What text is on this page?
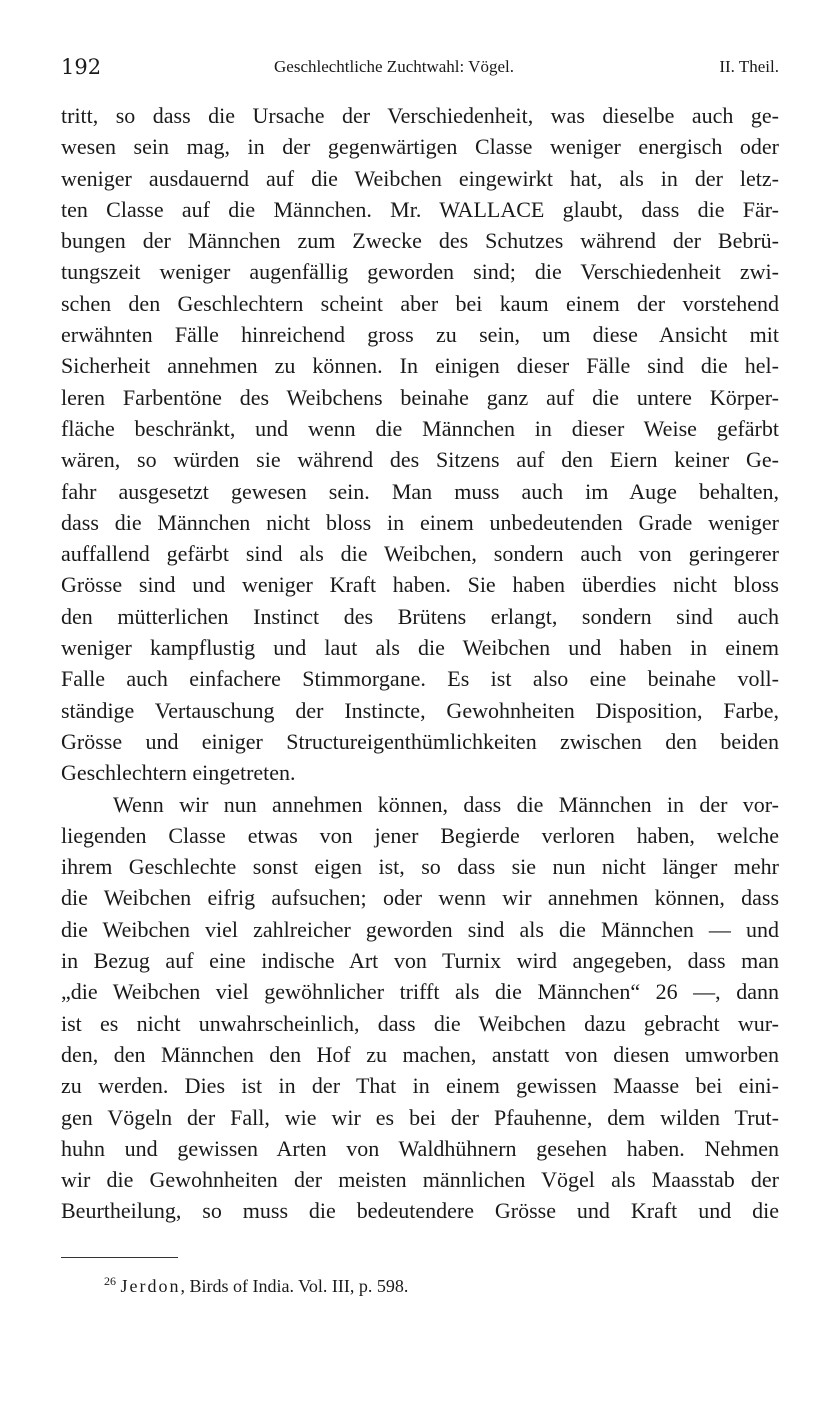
192	Geschlechtliche Zuchtwahl: Vögel.	II. Theil.
tritt, so dass die Ursache der Verschiedenheit, was dieselbe auch ge-
wesen sein mag, in der gegenwärtigen Classe weniger energisch oder
weniger ausdauernd auf die Weibchen eingewirkt hat, als in der letz-
ten Classe auf die Männchen. Mr. WALLACE glaubt, dass die Fär-
bungen der Männchen zum Zwecke des Schutzes während der Bebrü-
tungszeit weniger augenfällig geworden sind; die Verschiedenheit zwi-
schen den Geschlechtern scheint aber bei kaum einem der vorstehend
erwähnten Fälle hinreichend gross zu sein, um diese Ansicht mit
Sicherheit annehmen zu können. In einigen dieser Fälle sind die hel-
leren Farbentöne des Weibchens beinahe ganz auf die untere Körper-
fläche beschränkt, und wenn die Männchen in dieser Weise gefärbt
wären, so würden sie während des Sitzens auf den Eiern keiner Ge-
fahr ausgesetzt gewesen sein. Man muss auch im Auge behalten,
dass die Männchen nicht bloss in einem unbedeutenden Grade weniger
auffallend gefärbt sind als die Weibchen, sondern auch von geringerer
Grösse sind und weniger Kraft haben. Sie haben überdies nicht bloss
den mütterlichen Instinct des Brütens erlangt, sondern sind auch
weniger kampflustig und laut als die Weibchen und haben in einem
Falle auch einfachere Stimmorgane. Es ist also eine beinahe voll-
ständige Vertauschung der Instincte, Gewohnheiten Disposition, Farbe,
Grösse und einiger Structureigenthümlichkeiten zwischen den beiden
Geschlechtern eingetreten.
Wenn wir nun annehmen können, dass die Männchen in der vor-
liegenden Classe etwas von jener Begierde verloren haben, welche
ihrem Geschlechte sonst eigen ist, so dass sie nun nicht länger mehr
die Weibchen eifrig aufsuchen; oder wenn wir annehmen können, dass
die Weibchen viel zahlreicher geworden sind als die Männchen — und
in Bezug auf eine indische Art von Turnix wird angegeben, dass man
„die Weibchen viel gewöhnlicher trifft als die Männchen“ 26 —, dann
ist es nicht unwahrscheinlich, dass die Weibchen dazu gebracht wur-
den, den Männchen den Hof zu machen, anstatt von diesen umworben
zu werden. Dies ist in der That in einem gewissen Maasse bei eini-
gen Vögeln der Fall, wie wir es bei der Pfauhenne, dem wilden Trut-
huhn und gewissen Arten von Waldhühnern gesehen haben. Nehmen
wir die Gewohnheiten der meisten männlichen Vögel als Maasstab der
Beurtheilung, so muss die bedeutendere Grösse und Kraft und die
$^{26}$ Jerdon, Birds of India. Vol. III, p. 598.
